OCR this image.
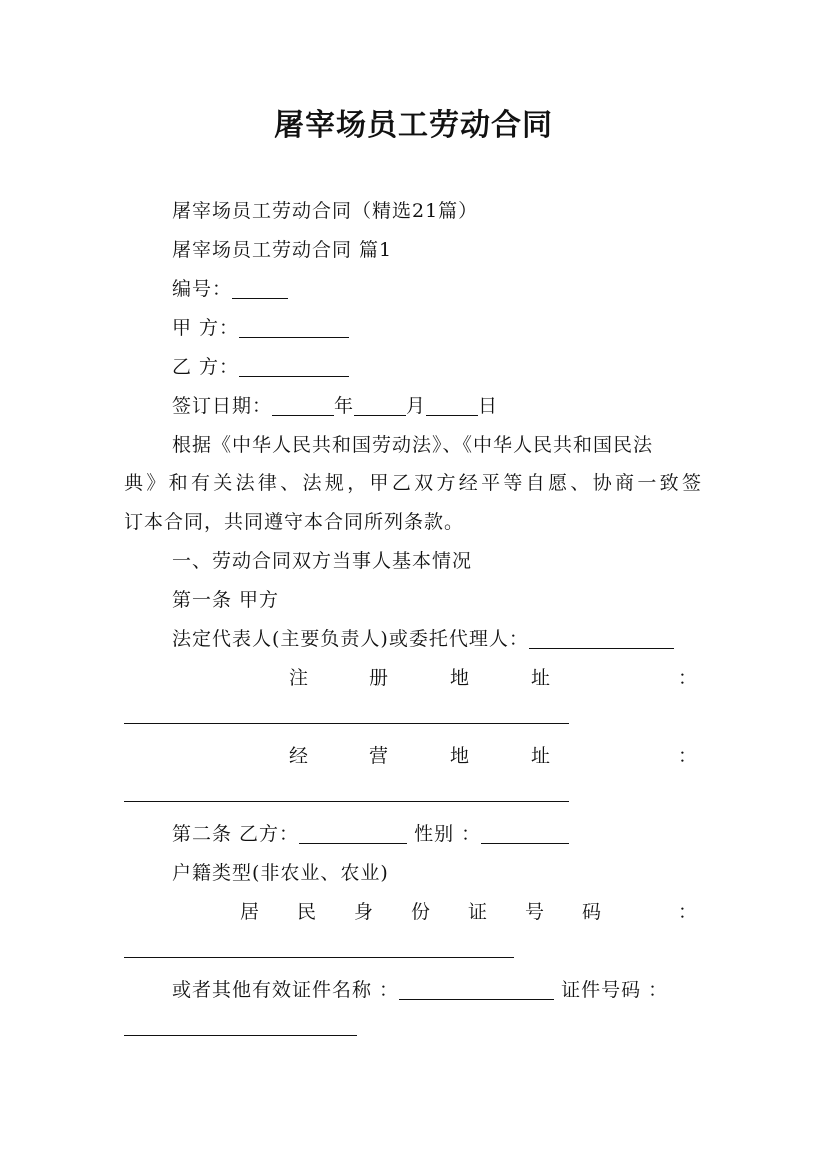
屠宰场员工劳动合同
屠宰场员工劳动合同（精选21篇）
屠宰场员工劳动合同 篇1
编号：
甲 方：
乙 方：
签订日期：	年	月	日
根据《中华人民共和国劳动法》、《中华人民共和国民法
典》和有关法律、法规，甲乙双方经平等自愿、协商一致签
订本合同，共同遵守本合同所列条款。
一、劳动合同双方当事人基本情况
第一条 甲方
法定代表人(主要负责人)或委托代理人：
注	册	地	址	：
经	营	地	址	：
第二条 乙方：	性别 ：
户籍类型(非农业、农业)
居 民 身 份 证 号 码	：
或者其他有效证件名称 ：	证件号码 ：
